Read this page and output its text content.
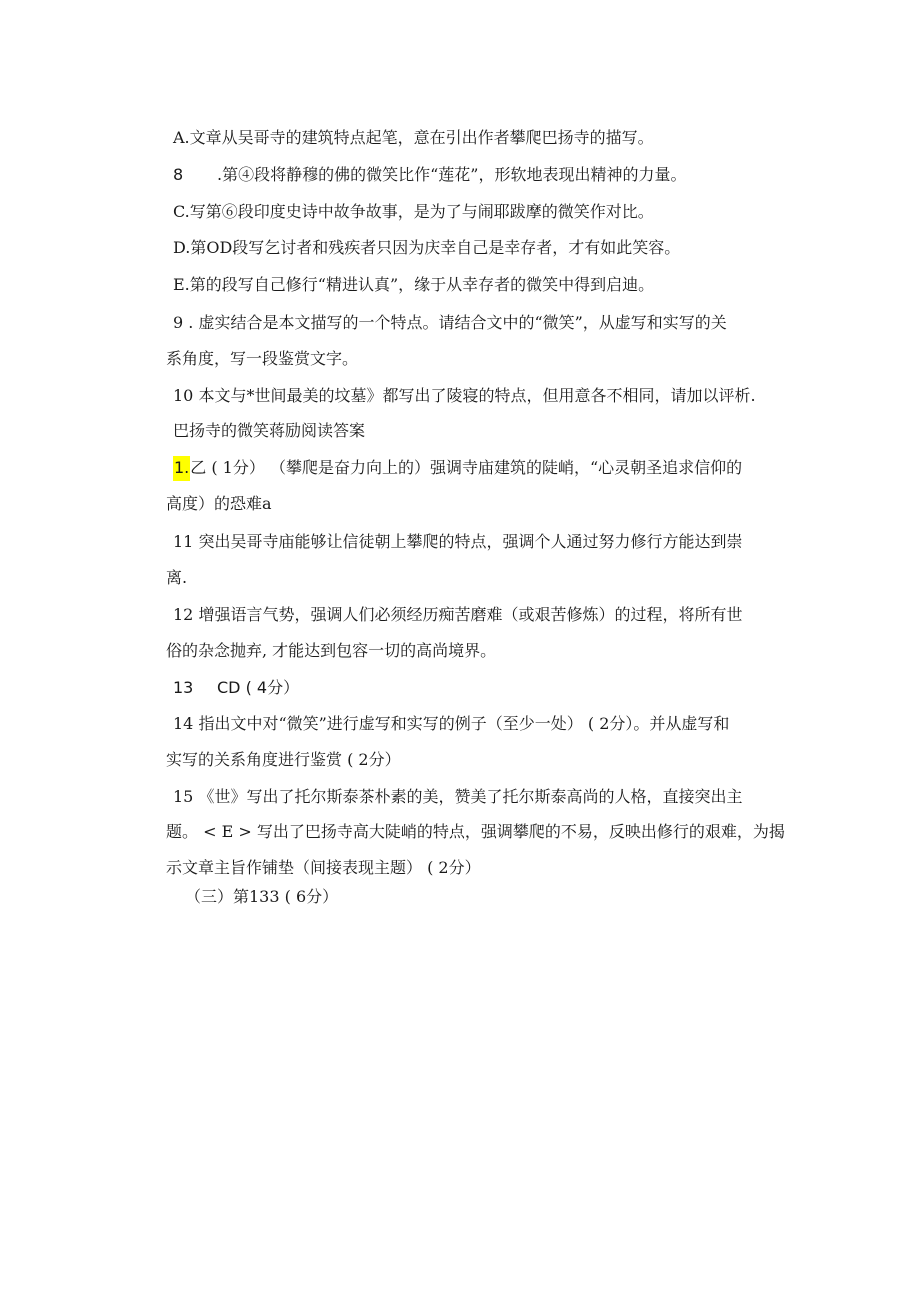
A.文章从吴哥寺的建筑特点起笔，意在引出作者攀爬巴扬寺的描写。
8 .第④段将静穆的佛的微笑比作“莲花”，形软地表现出精神的力量。
C.写第⑥段印度史诗中故争故事，是为了与闹耶跋摩的微笑作对比。
D.第OD段写乞讨者和残疾者只因为庆幸自己是幸存者，才有如此笑容。
E.第的段写自己修行“精进认真”，缘于从幸存者的微笑中得到启迪。
9 . 虚实结合是本文描写的一个特点。请结合文中的“微笑”，从虚写和实写的关
系角度，写一段鉴赏文字。
10 本文与*世间最美的坟墓》都写出了陵寝的特点，但用意各不相同，请加以评析.
巴扬寺的微笑蒋励阅读答案
1.乙 ( 1分） （攀爬是奋力向上的）强调寺庙建筑的陡峭，“心灵朝圣追求信仰的
高度）的恐难a
11 突出吴哥寺庙能够让信徒朝上攀爬的特点，强调个人通过努力修行方能达到崇
离.
12 增强语言气势，强调人们必须经历痴苦磨难（或艰苦修炼）的过程，将所有世
俗的杂念抛弃, 才能达到包容一切的高尚境界。
13 CD ( 4分）
14 指出文中对“微笑”进行虚写和实写的例子（至少一处） ( 2分）。并从虚写和
实写的关系角度进行鉴赏 ( 2分）
15 《世》写出了托尔斯泰茶朴素的美，赞美了托尔斯泰高尚的人格，直接突出主
题。 < E > 写出了巴扬寺高大陡峭的特点，强调攀爬的不易，反映出修行的艰难，为揭
示文章主旨作铺垫（间接表现主题） ( 2分）
（三）第133 ( 6分）
